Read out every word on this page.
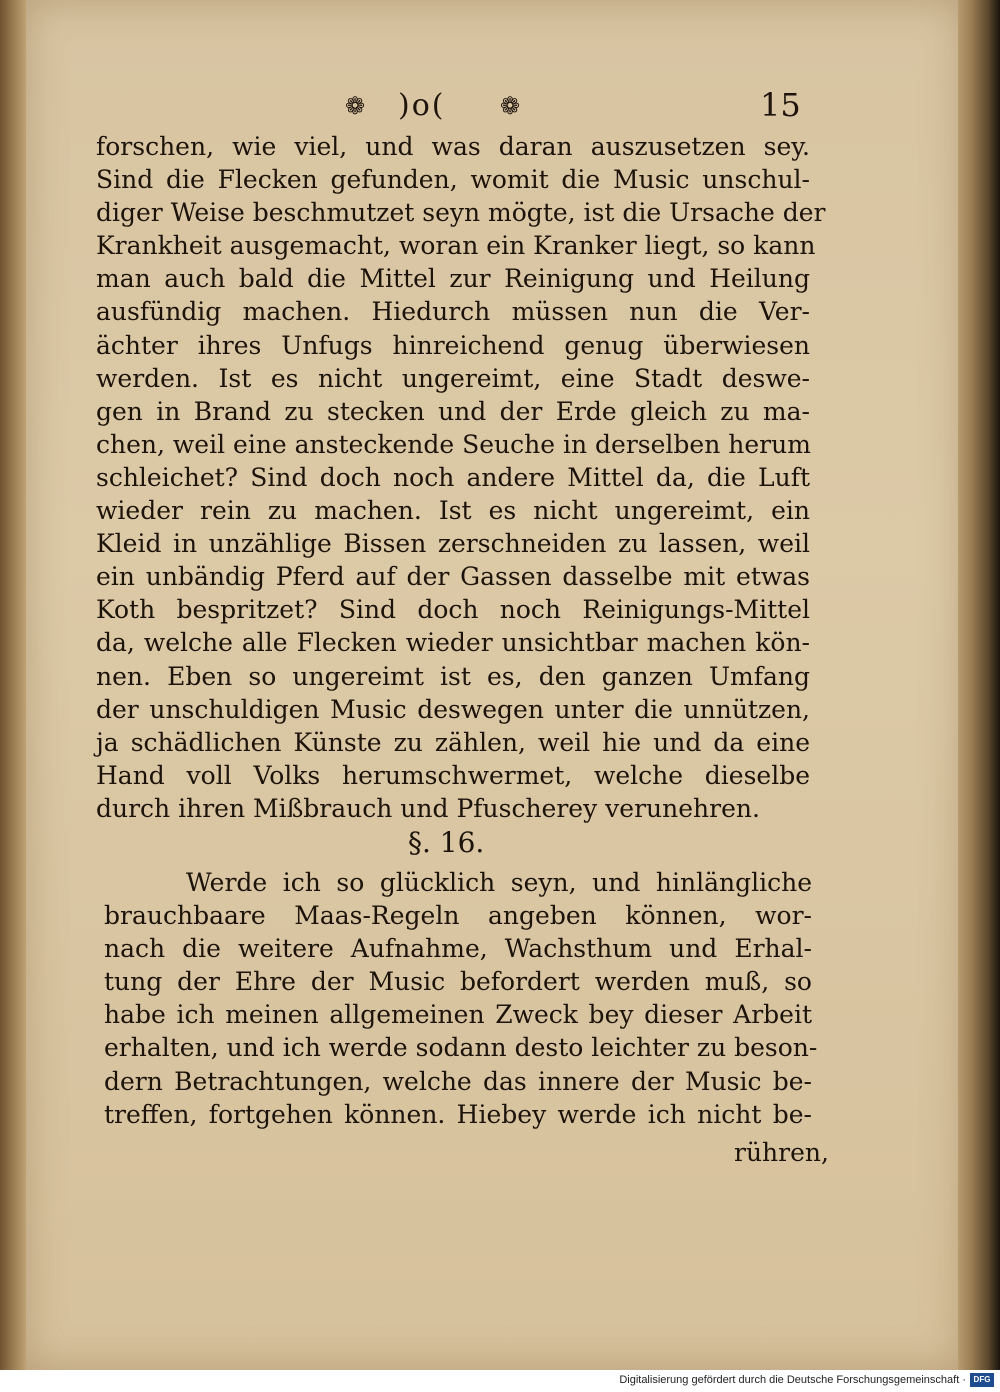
❁ )o( ❁	15
forschen, wie viel, und was daran auszusetzen sey.
Sind die Flecken gefunden, womit die Music unschul-
diger Weise beschmutzet seyn mögte, ist die Ursache der
Krankheit ausgemacht, woran ein Kranker liegt, so kann
man auch bald die Mittel zur Reinigung und Heilung
ausfündig machen. Hiedurch müssen nun die Ver-
ächter ihres Unfugs hinreichend genug überwiesen
werden. Ist es nicht ungereimt, eine Stadt deswe-
gen in Brand zu stecken und der Erde gleich zu ma-
chen, weil eine ansteckende Seuche in derselben herum
schleichet? Sind doch noch andere Mittel da, die Luft
wieder rein zu machen. Ist es nicht ungereimt, ein
Kleid in unzählige Bissen zerschneiden zu lassen, weil
ein unbändig Pferd auf der Gassen dasselbe mit etwas
Koth bespritzet? Sind doch noch Reinigungs-Mittel
da, welche alle Flecken wieder unsichtbar machen kön-
nen. Eben so ungereimt ist es, den ganzen Umfang
der unschuldigen Music deswegen unter die unnützen,
ja schädlichen Künste zu zählen, weil hie und da eine
Hand voll Volks herumschwermet, welche dieselbe
durch ihren Mißbrauch und Pfuscherey verunehren.
§. 16.
Werde ich so glücklich seyn, und hinlängliche
brauchbaare Maas-Regeln angeben können, wor-
nach die weitere Aufnahme, Wachsthum und Erhal-
tung der Ehre der Music befordert werden muß, so
habe ich meinen allgemeinen Zweck bey dieser Arbeit
erhalten, und ich werde sodann desto leichter zu beson-
dern Betrachtungen, welche das innere der Music be-
treffen, fortgehen können. Hiebey werde ich nicht be-
rühren,
Digitalisierung gefördert durch die Deutsche Forschungsgemeinschaft · DFG
